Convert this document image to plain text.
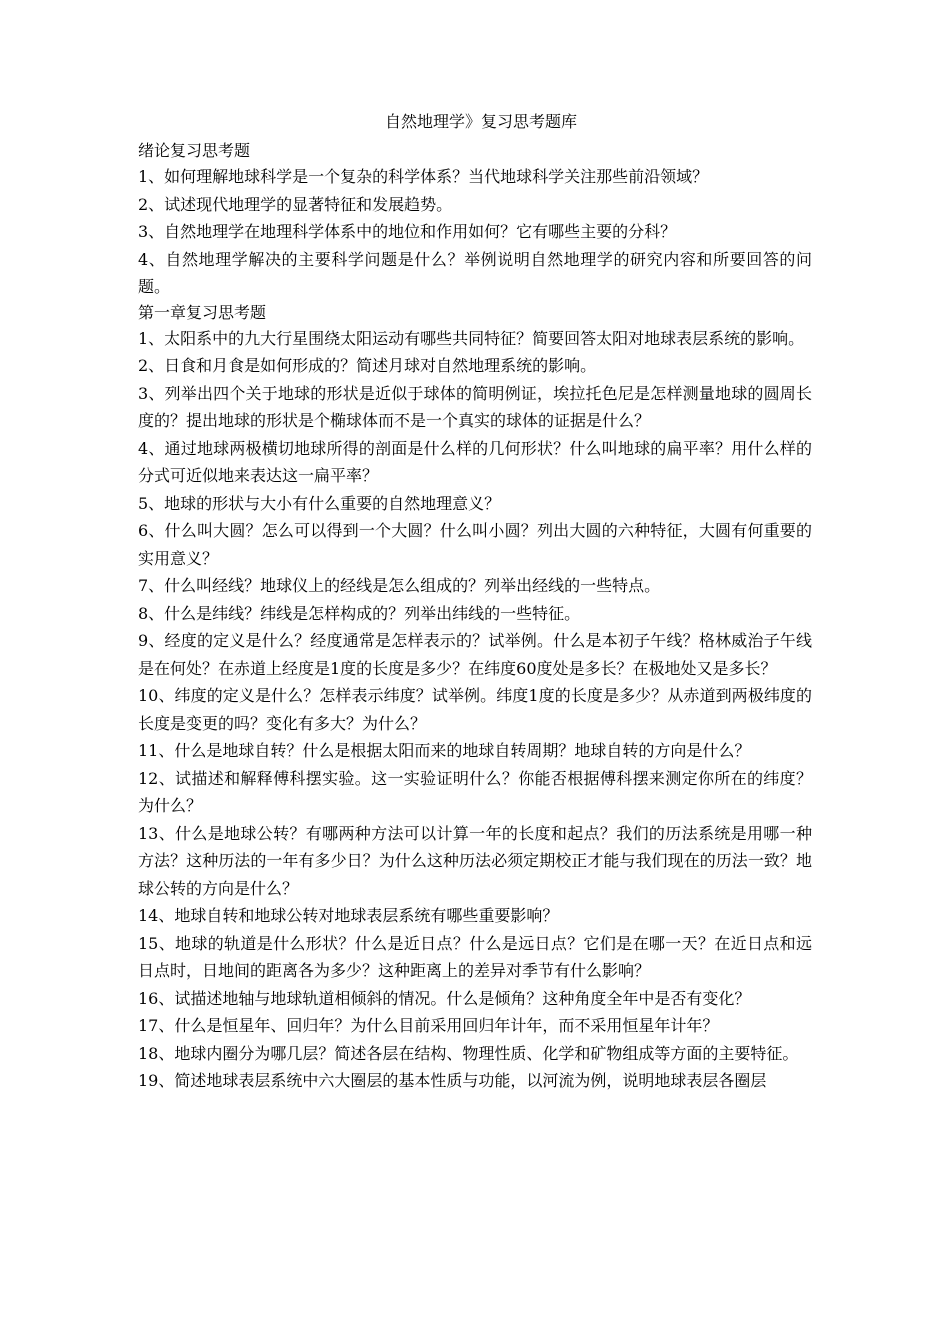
自然地理学》复习思考题库

绪论复习思考题

1、如何理解地球科学是一个复杂的科学体系？当代地球科学关注那些前沿领域？

2、试述现代地理学的显著特征和发展趋势。

3、自然地理学在地理科学体系中的地位和作用如何？它有哪些主要的分科？

4、自然地理学解决的主要科学问题是什么？举例说明自然地理学的研究内容和所要回答的问题。

第一章复习思考题

1、太阳系中的九大行星围绕太阳运动有哪些共同特征？简要回答太阳对地球表层系统的影响。

2、日食和月食是如何形成的？简述月球对自然地理系统的影响。

3、列举出四个关于地球的形状是近似于球体的简明例证，埃拉托色尼是怎样测量地球的圆周长度的？提出地球的形状是个椭球体而不是一个真实的球体的证据是什么？

4、通过地球两极横切地球所得的剖面是什么样的几何形状？什么叫地球的扁平率？用什么样的分式可近似地来表达这一扁平率？

5、地球的形状与大小有什么重要的自然地理意义？

6、什么叫大圆？怎么可以得到一个大圆？什么叫小圆？列出大圆的六种特征，大圆有何重要的实用意义？

7、什么叫经线？地球仪上的经线是怎么组成的？列举出经线的一些特点。

8、什么是纬线？纬线是怎样构成的？列举出纬线的一些特征。

9、经度的定义是什么？经度通常是怎样表示的？试举例。什么是本初子午线？格林威治子午线是在何处？在赤道上经度是1度的长度是多少？在纬度60度处是多长？在极地处又是多长？

10、纬度的定义是什么？怎样表示纬度？试举例。纬度1度的长度是多少？从赤道到两极纬度的长度是变更的吗？变化有多大？为什么？

11、什么是地球自转？什么是根据太阳而来的地球自转周期？地球自转的方向是什么？

12、试描述和解释傅科摆实验。这一实验证明什么？你能否根据傅科摆来测定你所在的纬度？为什么？

13、什么是地球公转？有哪两种方法可以计算一年的长度和起点？我们的历法系统是用哪一种方法？这种历法的一年有多少日？为什么这种历法必须定期校正才能与我们现在的历法一致？地球公转的方向是什么？

14、地球自转和地球公转对地球表层系统有哪些重要影响？

15、地球的轨道是什么形状？什么是近日点？什么是远日点？它们是在哪一天？在近日点和远日点时，日地间的距离各为多少？这种距离上的差异对季节有什么影响？

16、试描述地轴与地球轨道相倾斜的情况。什么是倾角？这种角度全年中是否有变化？

17、什么是恒星年、回归年？为什么目前采用回归年计年，而不采用恒星年计年？

18、地球内圈分为哪几层？简述各层在结构、物理性质、化学和矿物组成等方面的主要特征。

19、简述地球表层系统中六大圈层的基本性质与功能，以河流为例，说明地球表层各圈层
